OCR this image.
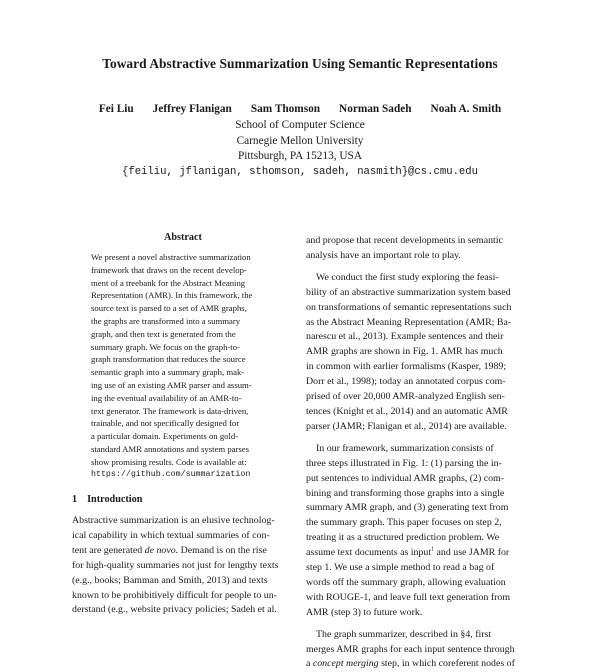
Toward Abstractive Summarization Using Semantic Representations
Fei Liu Jeffrey Flanigan Sam Thomson Norman Sadeh Noah A. Smith
School of Computer Science
Carnegie Mellon University
Pittsburgh, PA 15213, USA
{feiliu, jflanigan, sthomson, sadeh, nasmith}@cs.cmu.edu
Abstract
We present a novel abstractive summarization
framework that draws on the recent develop-
ment of a treebank for the Abstract Meaning
Representation (AMR). In this framework, the
source text is parsed to a set of AMR graphs,
the graphs are transformed into a summary
graph, and then text is generated from the
summary graph. We focus on the graph-to-
graph transformation that reduces the source
semantic graph into a summary graph, mak-
ing use of an existing AMR parser and assum-
ing the eventual availability of an AMR-to-
text generator. The framework is data-driven,
trainable, and not specifically designed for
a particular domain. Experiments on gold-
standard AMR annotations and system parses
show promising results. Code is available at:
https://github.com/summarization
1 Introduction
Abstractive summarization is an elusive technolog-
ical capability in which textual summaries of con-
tent are generated de novo. Demand is on the rise
for high-quality summaries not just for lengthy texts
(e.g., books; Bamman and Smith, 2013) and texts
known to be prohibitively difficult for people to un-
derstand (e.g., website privacy policies; Sadeh et al.
and propose that recent developments in semantic
analysis have an important role to play.
We conduct the first study exploring the feasi-
bility of an abstractive summarization system based
on transformations of semantic representations such
as the Abstract Meaning Representation (AMR; Ba-
narescu et al., 2013). Example sentences and their
AMR graphs are shown in Fig. 1. AMR has much
in common with earlier formalisms (Kasper, 1989;
Dorr et al., 1998); today an annotated corpus com-
prised of over 20,000 AMR-analyzed English sen-
tences (Knight et al., 2014) and an automatic AMR
parser (JAMR; Flanigan et al., 2014) are available.
In our framework, summarization consists of
three steps illustrated in Fig. 1: (1) parsing the in-
put sentences to individual AMR graphs, (2) com-
bining and transforming those graphs into a single
summary AMR graph, and (3) generating text from
the summary graph. This paper focuses on step 2,
treating it as a structured prediction problem. We
assume text documents as input$^1$ and use JAMR for
step 1. We use a simple method to read a bag of
words off the summary graph, allowing evaluation
with ROUGE-1, and leave full text generation from
AMR (step 3) to future work.
The graph summarizer, described in §4, first
merges AMR graphs for each input sentence through
a concept merging step, in which coreferent nodes of
